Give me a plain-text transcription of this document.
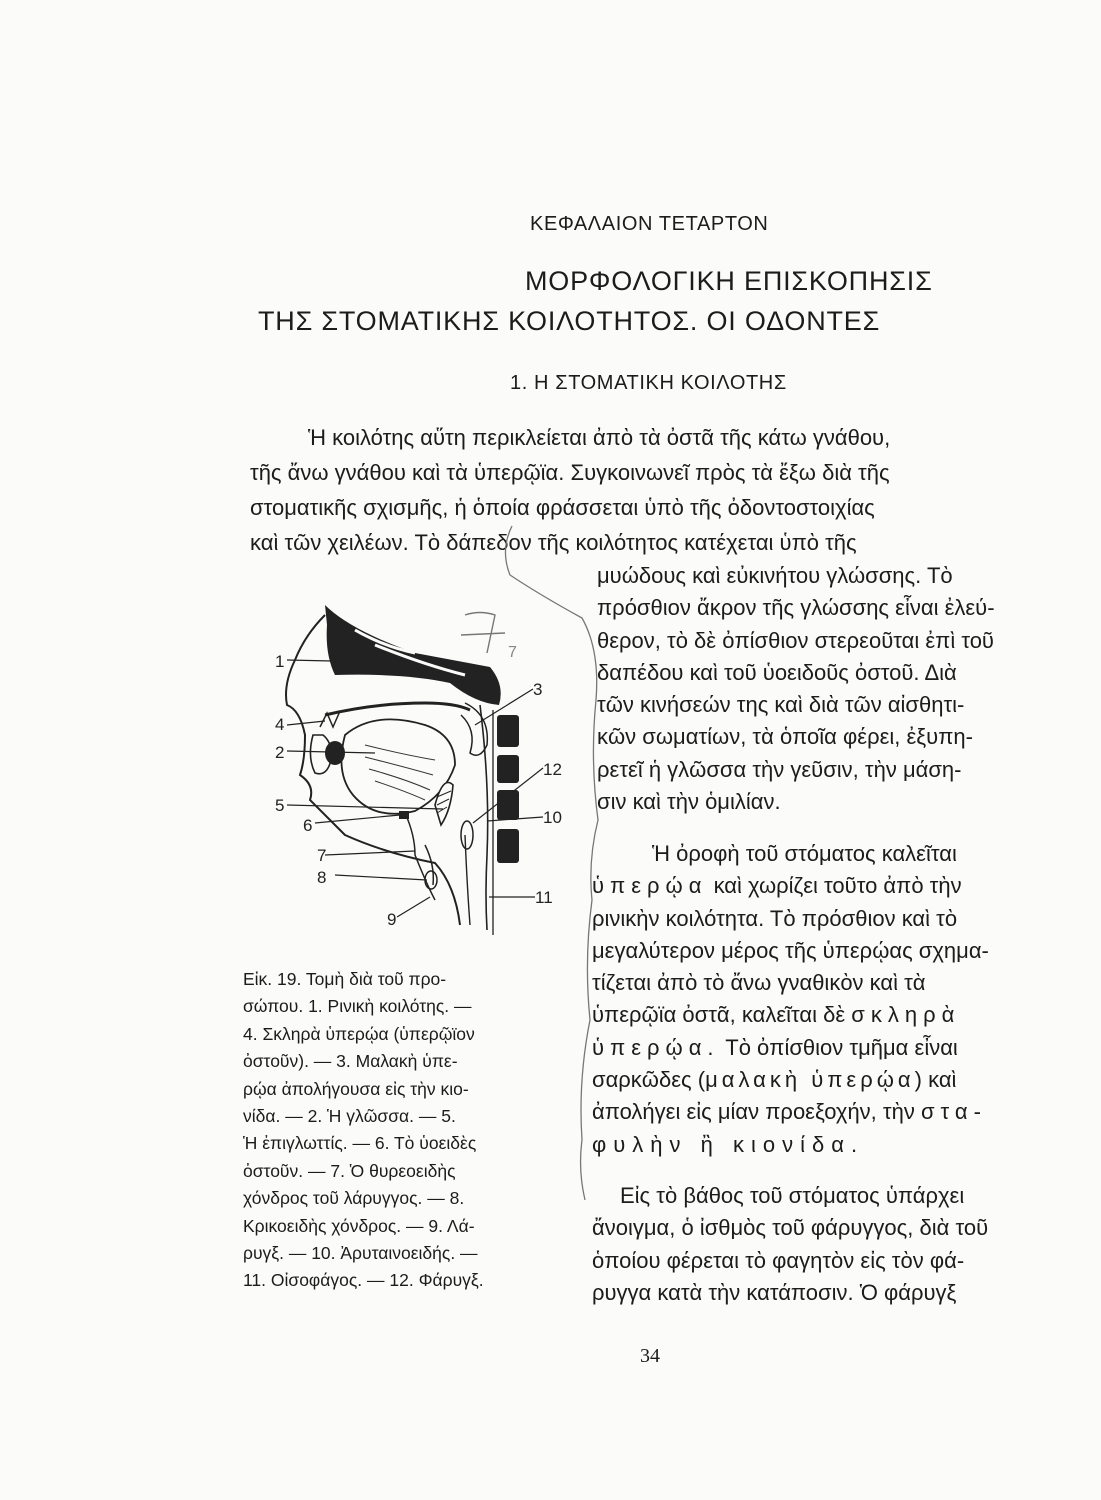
ΚΕΦΑΛΑΙΟΝ ΤΕΤΑΡΤΟΝ
ΜΟΡΦΟΛΟΓΙΚΗ ΕΠΙΣΚΟΠΗΣΙΣ
ΤΗΣ ΣΤΟΜΑΤΙΚΗΣ ΚΟΙΛΟΤΗΤΟΣ. ΟΙ ΟΔΟΝΤΕΣ
1. Η ΣΤΟΜΑΤΙΚΗ ΚΟΙΛΟΤΗΣ
Ἡ κοιλότης αὕτη περικλείεται ἀπὸ τὰ ὀστᾶ τῆς κάτω γνάθου,
τῆς ἄνω γνάθου καὶ τὰ ὑπερῷϊα. Συγκοινωνεῖ πρὸς τὰ ἔξω διὰ τῆς
στοματικῆς σχισμῆς, ἡ ὁποία φράσσεται ὑπὸ τῆς ὀδοντοστοιχίας
καὶ τῶν χειλέων. Τὸ δάπεδον τῆς κοιλότητος κατέχεται ὑπὸ τῆς
μυώδους καὶ εὐκινήτου γλώσσης. Τὸ
πρόσθιον ἄκρον τῆς γλώσσης εἶναι ἐλεύ-
θερον, τὸ δὲ ὀπίσθιον στερεοῦται ἐπὶ τοῦ
δαπέδου καὶ τοῦ ὑοειδοῦς ὀστοῦ. Διὰ
τῶν κινήσεών της καὶ διὰ τῶν αἰσθητι-
κῶν σωματίων, τὰ ὁποῖα φέρει, ἐξυπη-
ρετεῖ ἡ γλῶσσα τὴν γεῦσιν, τὴν μάση-
σιν καὶ τὴν ὁμιλίαν.
Ἡ ὀροφὴ τοῦ στόματος καλεῖται
ὑπερῴα καὶ χωρίζει τοῦτο ἀπὸ τὴν
ρινικὴν κοιλότητα. Τὸ πρόσθιον καὶ τὸ
μεγαλύτερον μέρος τῆς ὑπερῴας σχημα-
τίζεται ἀπὸ τὸ ἄνω γναθικὸν καὶ τὰ
ὑπερῷϊα ὀστᾶ, καλεῖται δὲ σκληρὰ
ὑπερῴα. Τὸ ὀπίσθιον τμῆμα εἶναι
σαρκῶδες (μαλακὴ ὑπερῴα) καὶ
ἀπολήγει εἰς μίαν προεξοχήν, τὴν στα-
φυλὴν ἢ κιονίδα.
Εἰς τὸ βάθος τοῦ στόματος ὑπάρχει
ἄνοιγμα, ὁ ἰσθμὸς τοῦ φάρυγγος, διὰ τοῦ
ὁποίου φέρεται τὸ φαγητὸν εἰς τὸν φά-
ρυγγα κατὰ τὴν κατάποσιν. Ὁ φάρυγξ
7
1
4
2
5
6
7
8
9
3
12
10
11
Εἰκ. 19. Τομὴ διὰ τοῦ προ-
σώπου. 1. Ρινικὴ κοιλότης. —
4. Σκληρὰ ὑπερῴα (ὑπερῷϊον
ὀστοῦν). — 3. Μαλακὴ ὑπε-
ρῴα ἀπολήγουσα εἰς τὴν κιο-
νίδα. — 2. Ἡ γλῶσσα. — 5.
Ἡ ἐπιγλωττίς. — 6. Τὸ ὑοειδὲς
ὀστοῦν. — 7. Ὁ θυρεοειδὴς
χόνδρος τοῦ λάρυγγος. — 8.
Κρικοειδὴς χόνδρος. — 9. Λά-
ρυγξ. — 10. Ἀρυταινοειδής. —
11. Οἰσοφάγος. — 12. Φάρυγξ.
34
